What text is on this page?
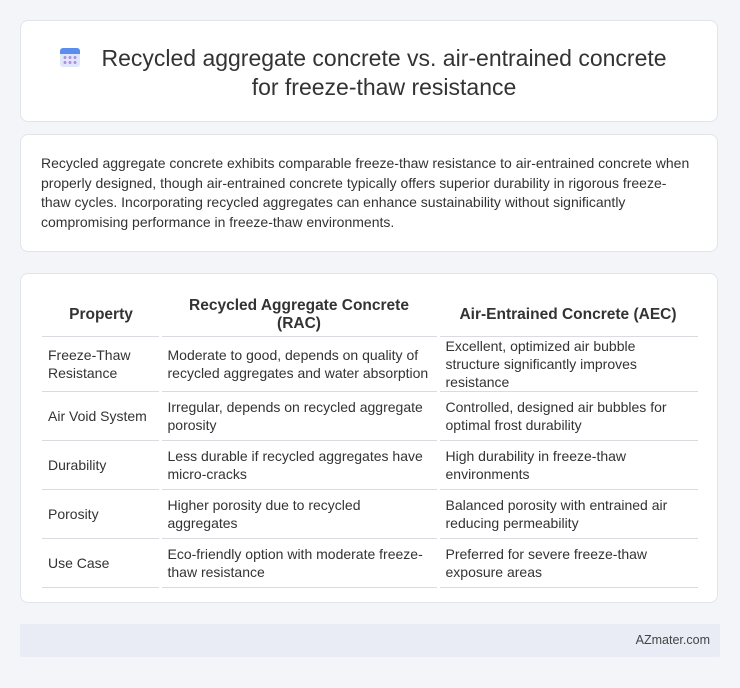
Recycled aggregate concrete vs. air-entrained concrete for freeze-thaw resistance

Recycled aggregate concrete exhibits comparable freeze-thaw resistance to air-entrained concrete when properly designed, though air-entrained concrete typically offers superior durability in rigorous freeze-thaw cycles. Incorporating recycled aggregates can enhance sustainability without significantly compromising performance in freeze-thaw environments.

Property	Recycled Aggregate Concrete (RAC)	Air-Entrained Concrete (AEC)
Freeze-Thaw Resistance	Moderate to good, depends on quality of recycled aggregates and water absorption	Excellent, optimized air bubble structure significantly improves resistance
Air Void System	Irregular, depends on recycled aggregate porosity	Controlled, designed air bubbles for optimal frost durability
Durability	Less durable if recycled aggregates have micro-cracks	High durability in freeze-thaw environments
Porosity	Higher porosity due to recycled aggregates	Balanced porosity with entrained air reducing permeability
Use Case	Eco-friendly option with moderate freeze-thaw resistance	Preferred for severe freeze-thaw exposure areas
AZmater.com
